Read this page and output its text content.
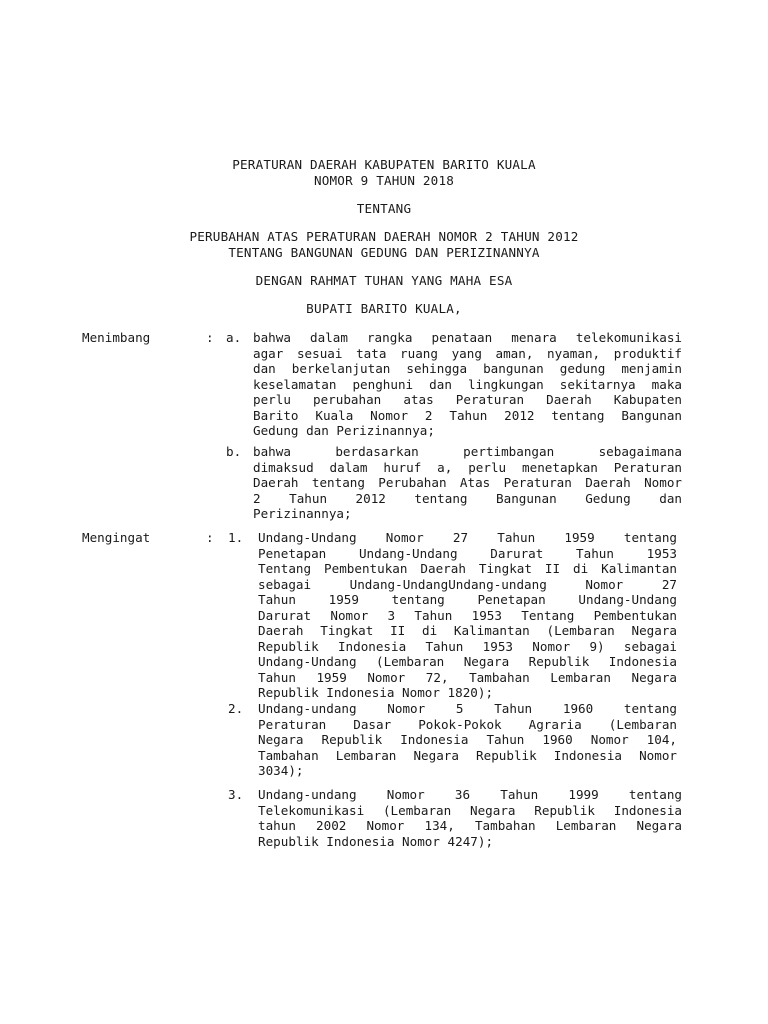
PERATURAN DAERAH KABUPATEN BARITO KUALA
NOMOR 9 TAHUN 2018
TENTANG
PERUBAHAN ATAS PERATURAN DAERAH NOMOR 2 TAHUN 2012
TENTANG BANGUNAN GEDUNG DAN PERIZINANNYA
DENGAN RAHMAT TUHAN YANG MAHA ESA
BUPATI BARITO KUALA,
Menimbang	: a. bahwa dalam rangka penataan menara telekomunikasi
agar sesuai tata ruang yang aman, nyaman, produktif
dan berkelanjutan sehingga bangunan gedung menjamin
keselamatan penghuni dan lingkungan sekitarnya maka
perlu perubahan atas Peraturan Daerah Kabupaten
Barito Kuala Nomor 2 Tahun 2012 tentang Bangunan
Gedung dan Perizinannya;
b. bahwa berdasarkan pertimbangan sebagaimana
dimaksud dalam huruf a, perlu menetapkan Peraturan
Daerah tentang Perubahan Atas Peraturan Daerah Nomor
2 Tahun 2012 tentang Bangunan Gedung dan
Perizinannya;
Mengingat	: 1. Undang-Undang Nomor 27 Tahun 1959 tentang
Penetapan Undang-Undang Darurat Tahun 1953
Tentang Pembentukan Daerah Tingkat II di Kalimantan
sebagai Undang-UndangUndang-undang Nomor 27
Tahun 1959 tentang Penetapan Undang-Undang
Darurat Nomor 3 Tahun 1953 Tentang Pembentukan
Daerah Tingkat II di Kalimantan (Lembaran Negara
Republik Indonesia Tahun 1953 Nomor 9) sebagai
Undang-Undang (Lembaran Negara Republik Indonesia
Tahun 1959 Nomor 72, Tambahan Lembaran Negara
Republik Indonesia Nomor 1820);
2. Undang-undang Nomor 5 Tahun 1960 tentang
Peraturan Dasar Pokok-Pokok Agraria (Lembaran
Negara Republik Indonesia Tahun 1960 Nomor 104,
Tambahan Lembaran Negara Republik Indonesia Nomor
3034);
3. Undang-undang Nomor 36 Tahun 1999 tentang
Telekomunikasi (Lembaran Negara Republik Indonesia
tahun 2002 Nomor 134, Tambahan Lembaran Negara
Republik Indonesia Nomor 4247);
